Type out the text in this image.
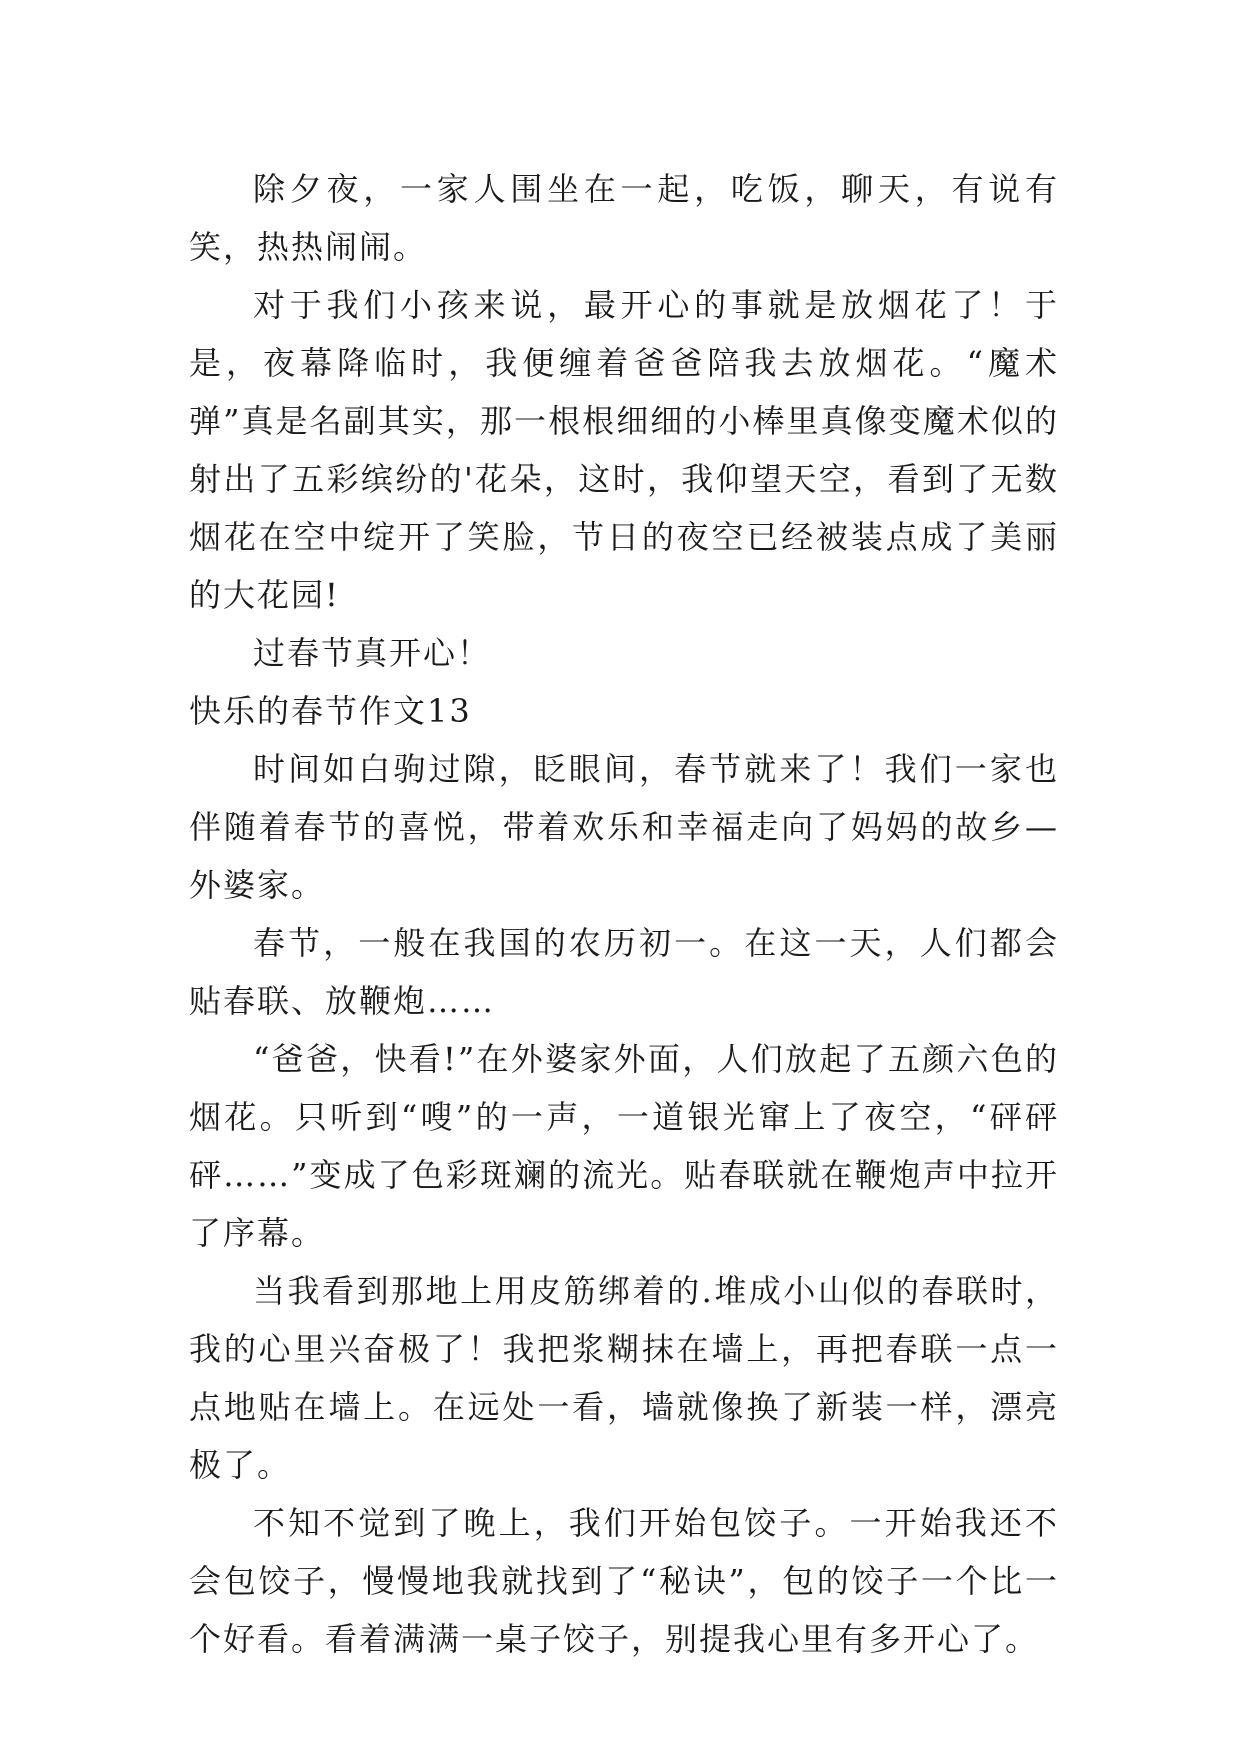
除夕夜，一家人围坐在一起，吃饭，聊天，有说有笑，热热闹闹。

对于我们小孩来说，最开心的事就是放烟花了！于是，夜幕降临时，我便缠着爸爸陪我去放烟花。“魔术弹”真是名副其实，那一根根细细的小棒里真像变魔术似的射出了五彩缤纷的'花朵，这时，我仰望天空，看到了无数烟花在空中绽开了笑脸，节日的夜空已经被装点成了美丽的大花园!

过春节真开心！

快乐的春节作文13

时间如白驹过隙，眨眼间，春节就来了！我们一家也伴随着春节的喜悦，带着欢乐和幸福走向了妈妈的故乡—外婆家。

春节，一般在我国的农历初一。在这一天，人们都会贴春联、放鞭炮……

“爸爸，快看!”在外婆家外面，人们放起了五颜六色的烟花。只听到“嗖”的一声，一道银光窜上了夜空，“砰砰砰……”变成了色彩斑斓的流光。贴春联就在鞭炮声中拉开了序幕。

当我看到那地上用皮筋绑着的.堆成小山似的春联时，我的心里兴奋极了！我把浆糊抹在墙上，再把春联一点一点地贴在墙上。在远处一看，墙就像换了新装一样，漂亮极了。

不知不觉到了晚上，我们开始包饺子。一开始我还不会包饺子，慢慢地我就找到了“秘诀”，包的饺子一个比一个好看。看着满满一桌子饺子，别提我心里有多开心了。
